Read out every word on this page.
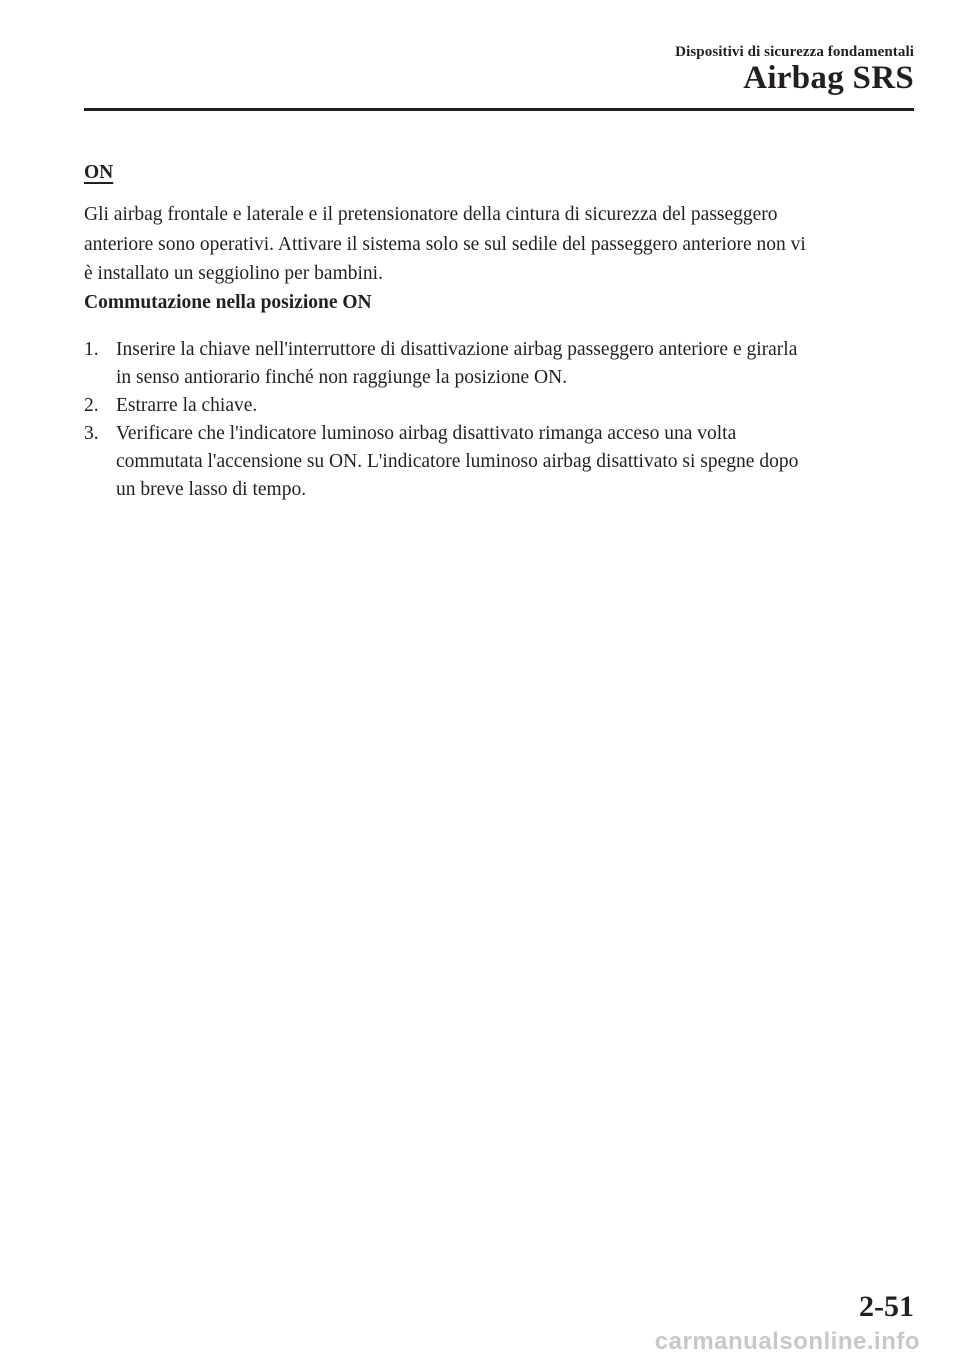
Dispositivi di sicurezza fondamentali
Airbag SRS
ON
Gli airbag frontale e laterale e il pretensionatore della cintura di sicurezza del passeggero
anteriore sono operativi. Attivare il sistema solo se sul sedile del passeggero anteriore non vi
è installato un seggiolino per bambini.
Commutazione nella posizione ON
1. Inserire la chiave nell'interruttore di disattivazione airbag passeggero anteriore e girarla
in senso antiorario finché non raggiunge la posizione ON.
2. Estrarre la chiave.
3. Verificare che l'indicatore luminoso airbag disattivato rimanga acceso una volta
commutata l'accensione su ON. L'indicatore luminoso airbag disattivato si spegne dopo
un breve lasso di tempo.
2-51
carmanualsonline.info
